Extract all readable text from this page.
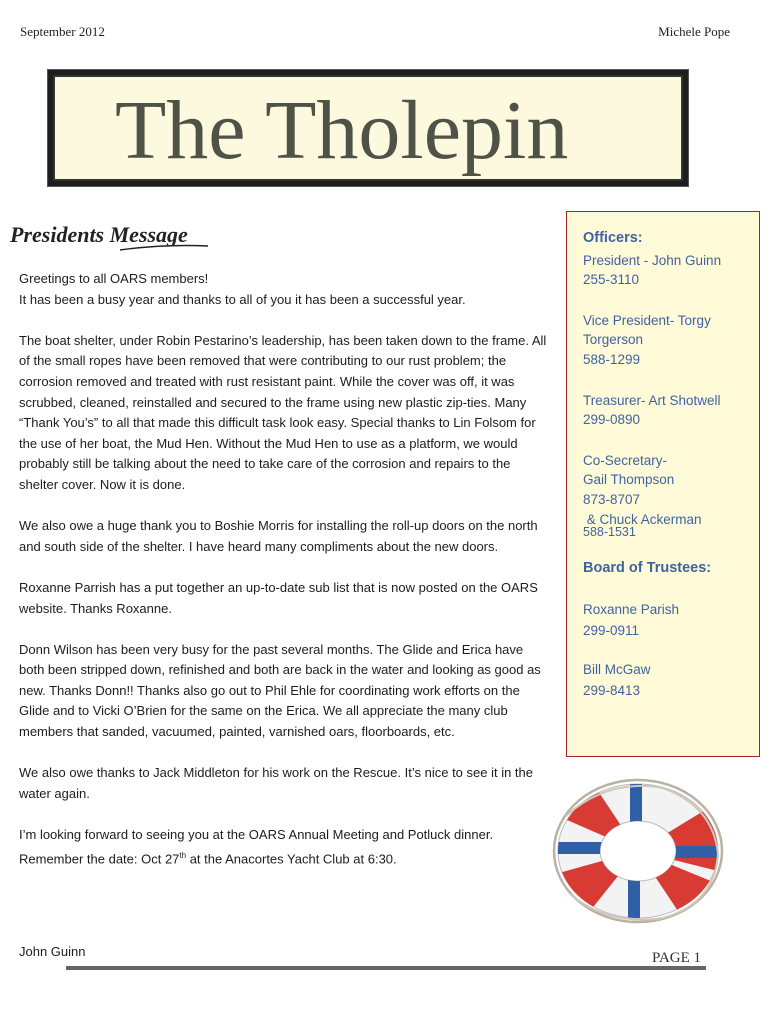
September 2012	Michele Pope
The Tholepin
Presidents Message

Greetings to all OARS members!
It has been a busy year and thanks to all of you it has been a successful year.

The boat shelter, under Robin Pestarino’s leadership, has been taken down to the frame. All of the small ropes have been removed that were contributing to our rust problem; the corrosion removed and treated with rust resistant paint. While the cover was off, it was scrubbed, cleaned, reinstalled and secured to the frame using new plastic zip-ties. Many “Thank You’s” to all that made this difficult task look easy. Special thanks to Lin Folsom for the use of her boat, the Mud Hen. Without the Mud Hen to use as a platform, we would probably still be talking about the need to take care of the corrosion and repairs to the shelter cover. Now it is done.

We also owe a huge thank you to Boshie Morris for installing the roll-up doors on the north and south side of the shelter. I have heard many compliments about the new doors.

Roxanne Parrish has a put together an up-to-date sub list that is now posted on the OARS website. Thanks Roxanne.

Donn Wilson has been very busy for the past several months. The Glide and Erica have both been stripped down, refinished and both are back in the water and looking as good as new. Thanks Donn!! Thanks also go out to Phil Ehle for coordinating work efforts on the Glide and to Vicki O’Brien for the same on the Erica. We all appreciate the many club members that sanded, vacuumed, painted, varnished oars, floorboards, etc.

We also owe thanks to Jack Middleton for his work on the Rescue. It’s nice to see it in the water again.

I’m looking forward to seeing you at the OARS Annual Meeting and Potluck dinner. Remember the date: Oct 27th at the Anacortes Yacht Club at 6:30.

John Guinn
Officers:
President - John Guinn
255-3110
Vice President- Torgy
Torgerson
588-1299
Treasurer- Art Shotwell
299-0890
Co-Secretary-
Gail Thompson
873-8707
& Chuck Ackerman
588-1531
Board of Trustees:
Roxanne Parish
299-0911
Bill McGaw
299-8413
PAGE 1
